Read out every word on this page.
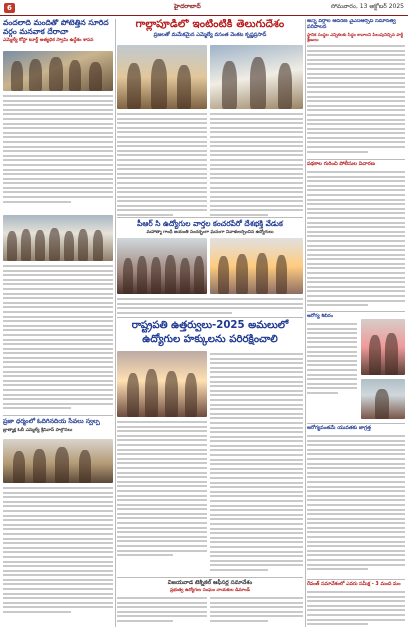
6	హైదరాబాద్	సోమవారం, 13 అక్టోబర్ 2025
వందలాది మందితో పోటెత్తిన సూరిద వర్గం మనవాక దేరాచా
ఎమ్మెల్యే కోస్టా టూర్ట్ అత్యధిక స్వామి ఉద్దేశం శాసన
ప్రజా ధర్మంలో ఓదిగినదియ సేవలు స్వల్ప
బ్రాత్మాక్ష ఓబీ ఎమ్మెల్యే శ్రీనివాస్ పాల్గొనలు
గాల్లాపూడిలో ఇంటింటికీ తెలుగుదేశం
ప్రజలతో మమేకమైన ఎమ్మెల్యే వసంత వెంకట కృష్ణప్రసాద్
పీఆర్ సి ఉద్యోగుల వార్తల కంచరపేరో దేశభక్తి వేడుక
మహాత్మా గాంధీ జయంతి సందర్భంగా ఘనంగా నివాళులర్పించిన ఉద్యోగులు
రాష్ట్రపతి ఉత్తర్వులు-2025 అమలులో
ఉద్యోగుల హక్కులను పరిరక్షించాలి
విజయవాడ టెక్నికల్ ఆఫీసర్ల సమావేశం
ప్రభుత్వ ఉద్యోగుల సంఘం నాయకుల డిమాండ్
అన్ని వర్గాల ఆదరణ వైఎస్ఆర్సీపీ సమానత్వ పరిపాలన
స్థానిక సంస్థల ఎన్నికలకు సిద్ధం కావాలని పిలుపునిచ్చిన పార్టీ శ్రేణులు
పథకాల గురించి పోలీసుల విచారణ
ఆరోగ్య శిబిరం
ఆరోగ్యవంతమే యువతకు జాగ్రత్త
రేవంత్ సమావేశంలో ఎవరు సమీక్ష - 3 మంది మం
